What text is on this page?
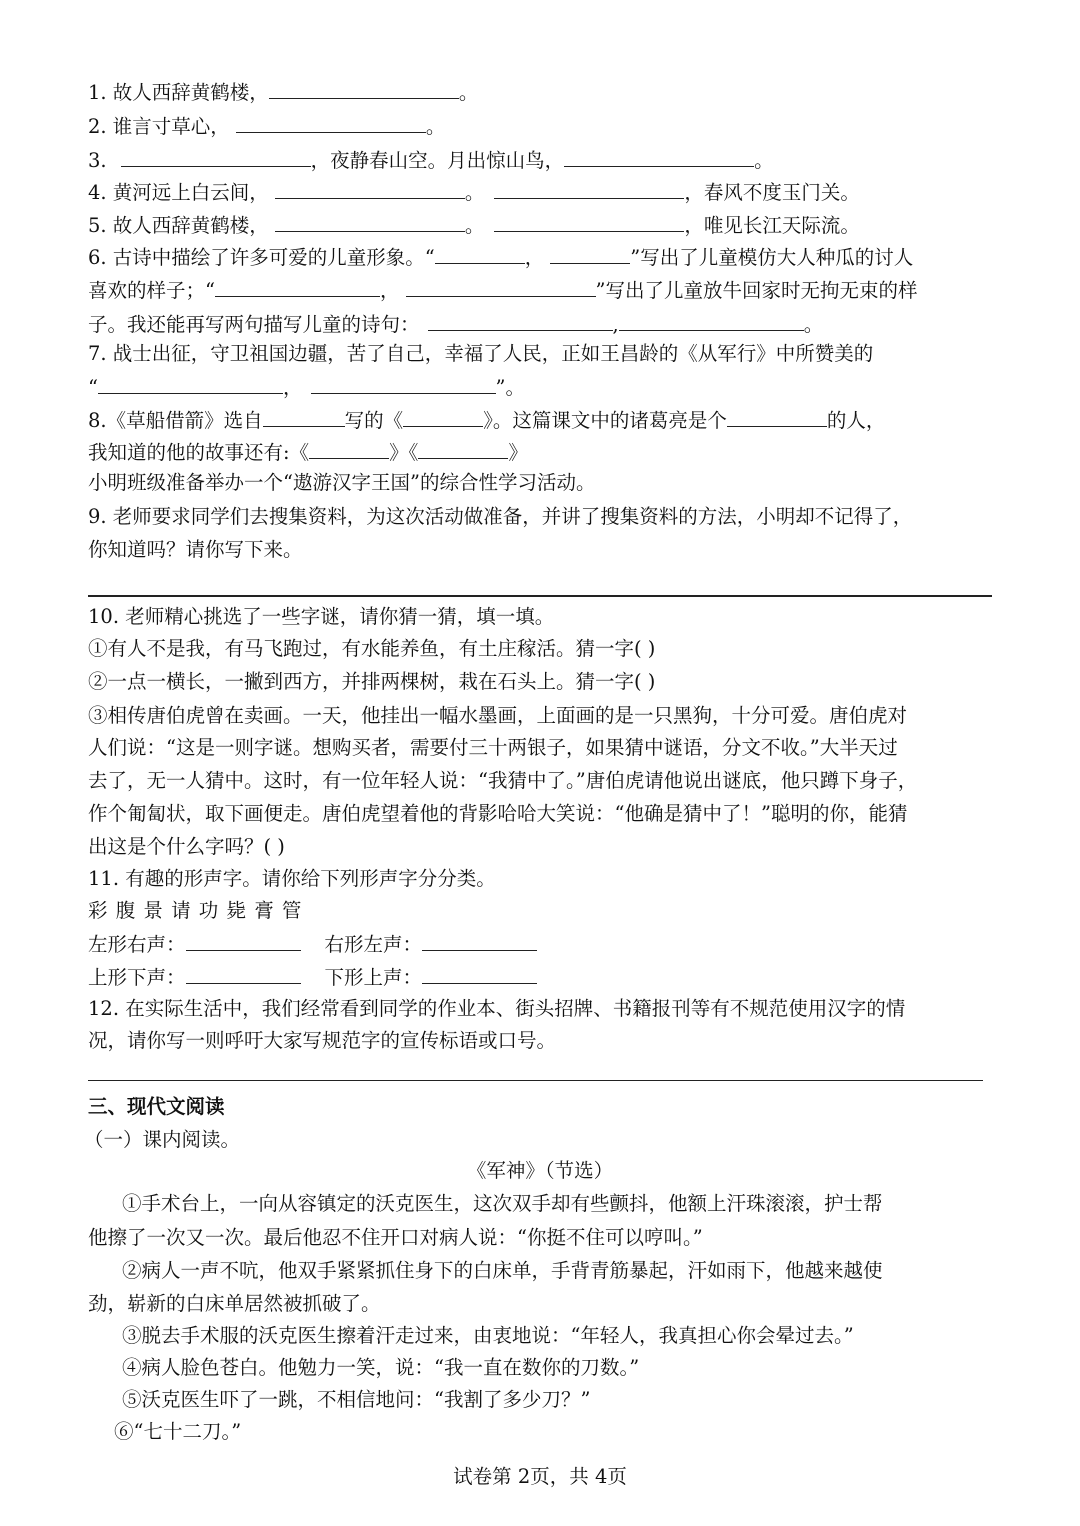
1. 故人西辞黄鹤楼，	。
2. 谁言寸草心，	。
3.	，夜静春山空。月出惊山鸟，	。
4. 黄河远上白云间，	。	，春风不度玉门关。
5. 故人西辞黄鹤楼，	。	，唯见长江天际流。
6. 古诗中描绘了许多可爱的儿童形象。“	，	”写出了儿童模仿大人种瓜的讨人
喜欢的样子；“	，	”写出了儿童放牛回家时无拘无束的样
子。我还能再写两句描写儿童的诗句：	,	。
7. 战士出征，守卫祖国边疆，苦了自己，幸福了人民，正如王昌龄的《从军行》中所赞美的
“	，	”。
8.《草船借箭》选自	写的《	》。这篇课文中的诸葛亮是个	的人，
我知道的他的故事还有:《	》《	》
小明班级准备举办一个“遨游汉字王国”的综合性学习活动。
9. 老师要求同学们去搜集资料，为这次活动做准备，并讲了搜集资料的方法，小明却不记得了，
你知道吗？请你写下来。
10. 老师精心挑选了一些字谜，请你猜一猜，填一填。
①有人不是我，有马飞跑过，有水能养鱼，有土庄稼活。猜一字( )
②一点一横长，一撇到西方，并排两棵树，栽在石头上。猜一字( )
③相传唐伯虎曾在卖画。一天，他挂出一幅水墨画，上面画的是一只黑狗，十分可爱。唐伯虎对
人们说：“这是一则字谜。想购买者，需要付三十两银子，如果猜中谜语，分文不收。”大半天过
去了，无一人猜中。这时，有一位年轻人说：“我猜中了。”唐伯虎请他说出谜底，他只蹲下身子，
作个匍匐状，取下画便走。唐伯虎望着他的背影哈哈大笑说：“他确是猜中了！”聪明的你，能猜
出这是个什么字吗？( )
11. 有趣的形声字。请你给下列形声字分分类。
彩 腹 景 请 功 毙 膏 管
左形右声：	右形左声：
上形下声：	下形上声：
12. 在实际生活中，我们经常看到同学的作业本、街头招牌、书籍报刊等有不规范使用汉字的情
况，请你写一则呼吁大家写规范字的宣传标语或口号。
三、现代文阅读
（一）课内阅读。
《军神》（节选）
①手术台上，一向从容镇定的沃克医生，这次双手却有些颤抖，他额上汗珠滚滚，护士帮
他擦了一次又一次。最后他忍不住开口对病人说：“你挺不住可以哼叫。”
②病人一声不吭，他双手紧紧抓住身下的白床单，手背青筋暴起，汗如雨下，他越来越使
劲，崭新的白床单居然被抓破了。
③脱去手术服的沃克医生擦着汗走过来，由衷地说：“年轻人，我真担心你会晕过去。”
④病人脸色苍白。他勉力一笑，说：“我一直在数你的刀数。”
⑤沃克医生吓了一跳，不相信地问：“我割了多少刀？”
⑥“七十二刀。”
试卷第 2页，共 4页
